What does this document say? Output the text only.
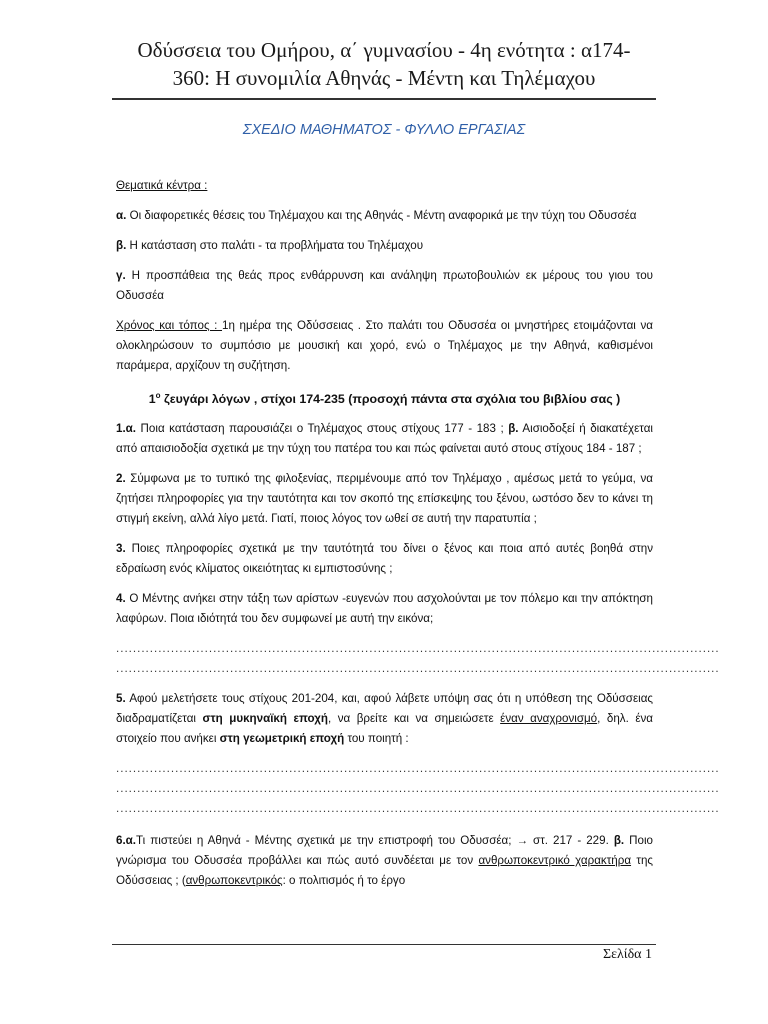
Οδύσσεια του Ομήρου, α΄ γυμνασίου - 4η ενότητα : α174-
360: Η συνομιλία Αθηνάς - Μέντη και Τηλέμαχου
ΣΧΕΔΙΟ ΜΑΘΗΜΑΤΟΣ - ΦΥΛΛΟ ΕΡΓΑΣΙΑΣ

Θεματικά κέντρα :

α. Οι διαφορετικές θέσεις του Τηλέμαχου και της Αθηνάς - Μέντη αναφορικά με την τύχη του Οδυσσέα

β. Η κατάσταση στο παλάτι - τα προβλήματα του Τηλέμαχου

γ. Η προσπάθεια της θεάς προς ενθάρρυνση και ανάληψη πρωτοβουλιών εκ μέρους του γιου του Οδυσσέα

Χρόνος και τόπος : 1η ημέρα της Οδύσσειας . Στο παλάτι του Οδυσσέα οι μνηστήρες ετοιμάζονται να ολοκληρώσουν το συμπόσιο με μουσική και χορό, ενώ ο Τηλέμαχος με την Αθηνά, καθισμένοι παράμερα, αρχίζουν τη συζήτηση.

$1^o$ ζευγάρι λόγων , στίχοι 174-235 (προσοχή πάντα στα σχόλια του βιβλίου σας )

1.α. Ποια κατάσταση παρουσιάζει ο Τηλέμαχος στους στίχους 177 - 183 ; β. Αισιοδοξεί ή διακατέχεται από απαισιοδοξία σχετικά με την τύχη του πατέρα του και πώς φαίνεται αυτό στους στίχους 184 - 187 ;

2. Σύμφωνα με το τυπικό της φιλοξενίας, περιμένουμε από τον Τηλέμαχο , αμέσως μετά το γεύμα, να ζητήσει πληροφορίες για την ταυτότητα και τον σκοπό της επίσκεψης του ξένου, ωστόσο δεν το κάνει τη στιγμή εκείνη, αλλά λίγο μετά. Γιατί, ποιος λόγος τον ωθεί σε αυτή την παρατυπία ;

3. Ποιες πληροφορίες σχετικά με την ταυτότητά του δίνει ο ξένος και ποια από αυτές βοηθά στην εδραίωση ενός κλίματος οικειότητας κι εμπιστοσύνης ;

4. Ο Μέντης ανήκει στην τάξη των αρίστων -ευγενών που ασχολούνται με τον πόλεμο και την απόκτηση λαφύρων. Ποια ιδιότητά του δεν συμφωνεί με αυτή την εικόνα;

...............................................................................................................................................
...............................................................................................................................................

5. Αφού μελετήσετε τους στίχους 201-204, και, αφού λάβετε υπόψη σας ότι η υπόθεση της Οδύσσειας διαδραματίζεται στη μυκηναϊκή εποχή, να βρείτε και να σημειώσετε έναν αναχρονισμό, δηλ. ένα στοιχείο που ανήκει στη γεωμετρική εποχή του ποιητή :

...............................................................................................................................................
...............................................................................................................................................
...............................................................................................................................................

6.α.Τι πιστεύει η Αθηνά - Μέντης σχετικά με την επιστροφή του Οδυσσέα; → στ. 217 - 229. β. Ποιο γνώρισμα του Οδυσσέα προβάλλει και πώς αυτό συνδέεται με τον ανθρωποκεντρικό χαρακτήρα της Οδύσσειας ; (ανθρωποκεντρικός: ο πολιτισμός ή το έργο

Σελίδα 1
